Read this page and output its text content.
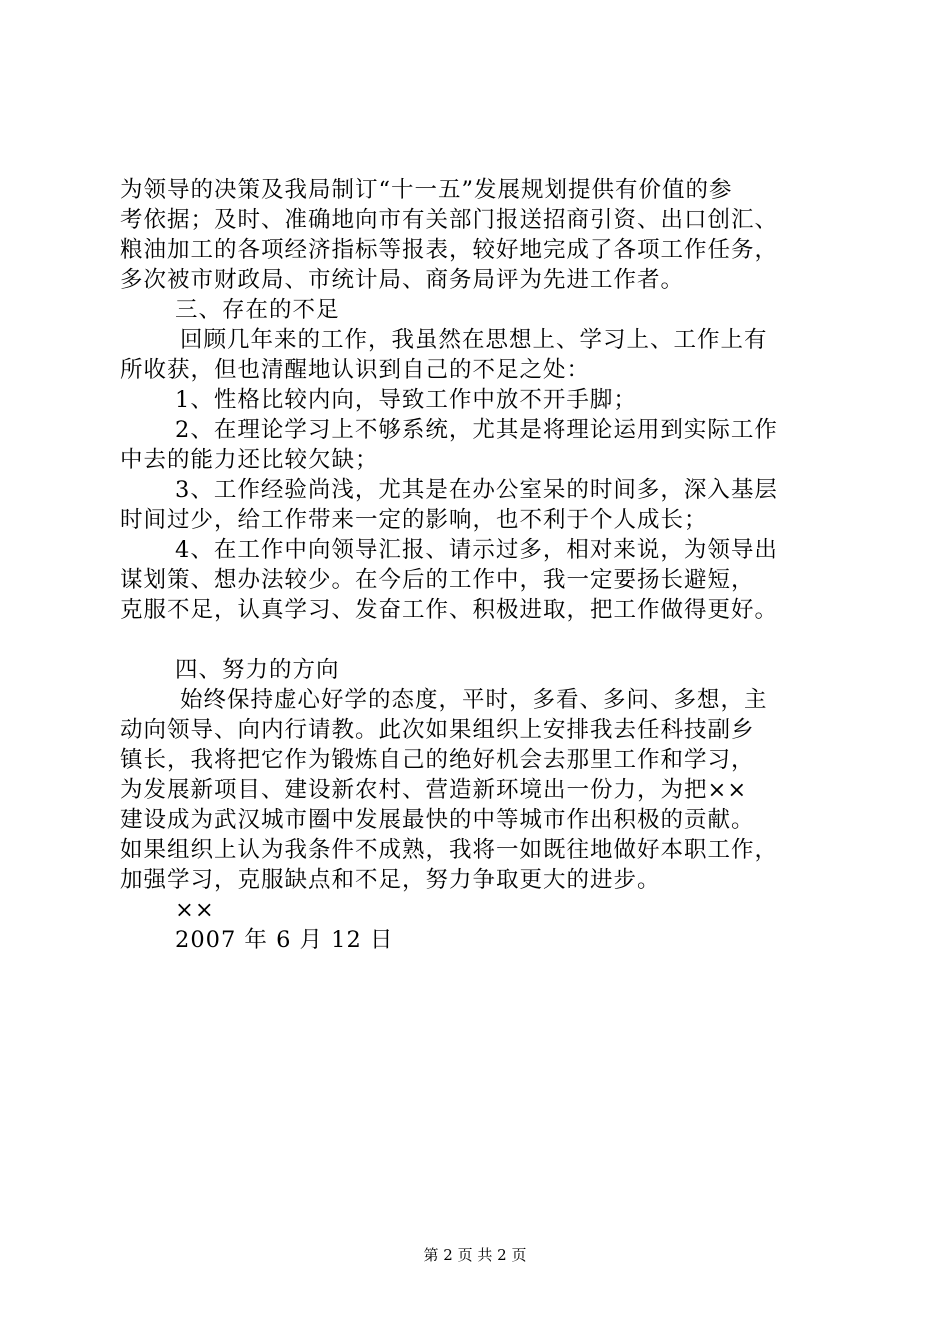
为领导的决策及我局制订“十一五”发展规划提供有价值的参
考依据；及时、准确地向市有关部门报送招商引资、出口创汇、
粮油加工的各项经济指标等报表，较好地完成了各项工作任务，
多次被市财政局、市统计局、商务局评为先进工作者。
三、存在的不足
回顾几年来的工作，我虽然在思想上、学习上、工作上有
所收获，但也清醒地认识到自己的不足之处：
1、性格比较内向，导致工作中放不开手脚；
2、在理论学习上不够系统，尤其是将理论运用到实际工作
中去的能力还比较欠缺；
3、工作经验尚浅，尤其是在办公室呆的时间多，深入基层
时间过少，给工作带来一定的影响，也不利于个人成长；
4、在工作中向领导汇报、请示过多，相对来说，为领导出
谋划策、想办法较少。在今后的工作中，我一定要扬长避短，
克服不足，认真学习、发奋工作、积极进取，把工作做得更好。
四、努力的方向
始终保持虚心好学的态度，平时，多看、多问、多想，主
动向领导、向内行请教。此次如果组织上安排我去任科技副乡
镇长，我将把它作为锻炼自己的绝好机会去那里工作和学习，
为发展新项目、建设新农村、营造新环境出一份力，为把××
建设成为武汉城市圈中发展最快的中等城市作出积极的贡献。
如果组织上认为我条件不成熟，我将一如既往地做好本职工作，
加强学习，克服缺点和不足，努力争取更大的进步。
××
2007 年 6 月 12 日
第 2 页 共 2 页
